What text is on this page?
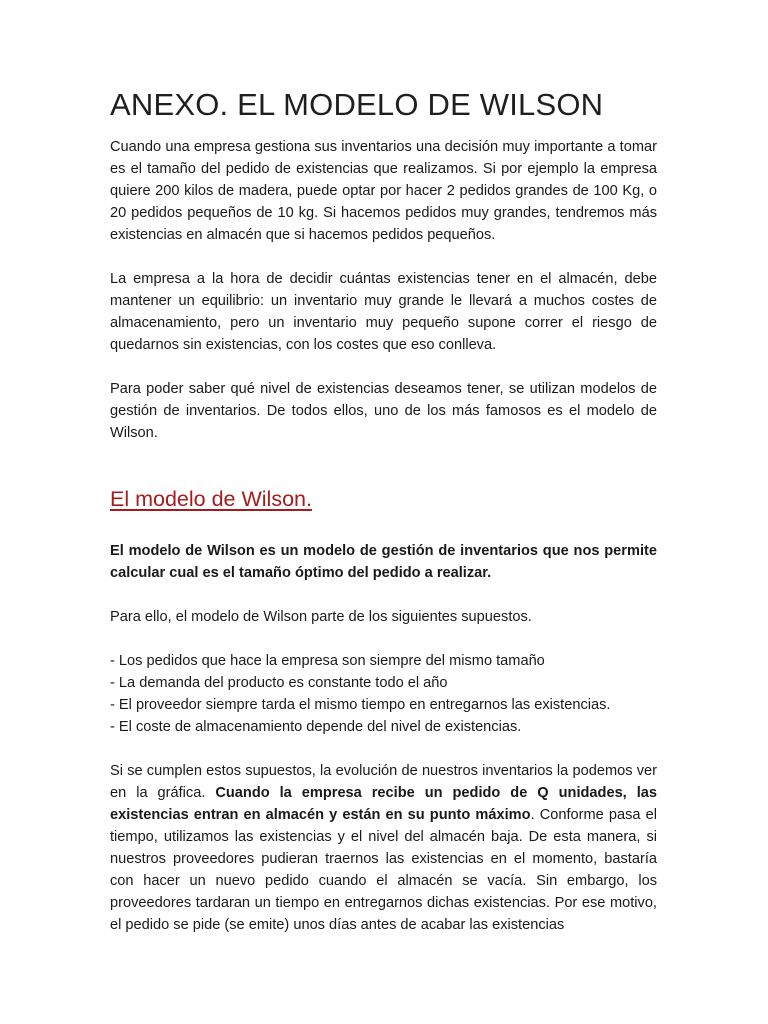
ANEXO. EL MODELO DE WILSON

Cuando una empresa gestiona sus inventarios una decisión muy importante a tomar es el tamaño del pedido de existencias que realizamos. Si por ejemplo la empresa quiere 200 kilos de madera, puede optar por hacer 2 pedidos grandes de 100 Kg, o 20 pedidos pequeños de 10 kg. Si hacemos pedidos muy grandes, tendremos más existencias en almacén que si hacemos pedidos pequeños.

La empresa a la hora de decidir cuántas existencias tener en el almacén, debe mantener un equilibrio: un inventario muy grande le llevará a muchos costes de almacenamiento, pero un inventario muy pequeño supone correr el riesgo de quedarnos sin existencias, con los costes que eso conlleva.

Para poder saber qué nivel de existencias deseamos tener, se utilizan modelos de gestión de inventarios. De todos ellos, uno de los más famosos es el modelo de Wilson.

El modelo de Wilson.

El modelo de Wilson es un modelo de gestión de inventarios que nos permite calcular cual es el tamaño óptimo del pedido a realizar.

Para ello, el modelo de Wilson parte de los siguientes supuestos.

- Los pedidos que hace la empresa son siempre del mismo tamaño

- La demanda del producto es constante todo el año

- El proveedor siempre tarda el mismo tiempo en entregarnos las existencias.

- El coste de almacenamiento depende del nivel de existencias.

Si se cumplen estos supuestos, la evolución de nuestros inventarios la podemos ver en la gráfica. Cuando la empresa recibe un pedido de Q unidades, las existencias entran en almacén y están en su punto máximo. Conforme pasa el tiempo, utilizamos las existencias y el nivel del almacén baja. De esta manera, si nuestros proveedores pudieran traernos las existencias en el momento, bastaría con hacer un nuevo pedido cuando el almacén se vacía. Sin embargo, los proveedores tardaran un tiempo en entregarnos dichas existencias. Por ese motivo, el pedido se pide (se emite) unos días antes de acabar las existencias
